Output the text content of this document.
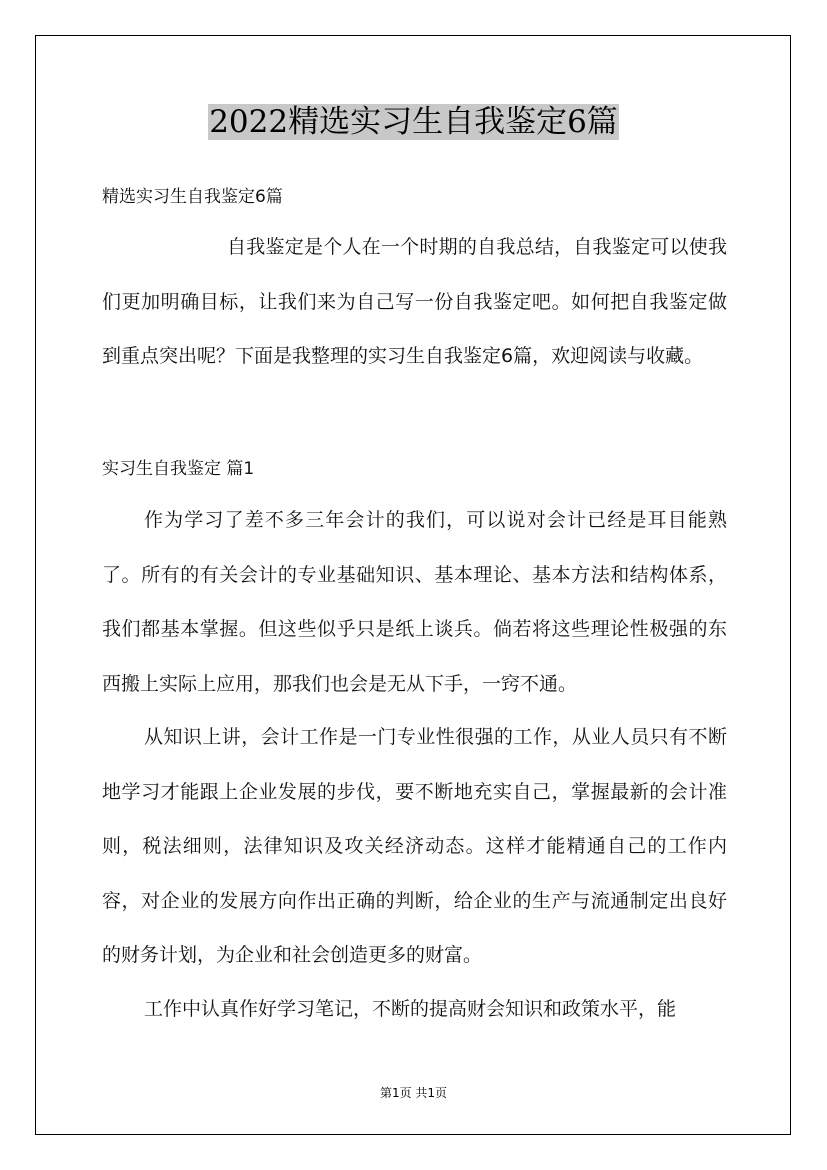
2022精选实习生自我鉴定6篇
精选实习生自我鉴定6篇

自我鉴定是个人在一个时期的自我总结，自我鉴定可以使我们更加明确目标，让我们来为自己写一份自我鉴定吧。如何把自我鉴定做到重点突出呢？下面是我整理的实习生自我鉴定6篇，欢迎阅读与收藏。

实习生自我鉴定 篇1

作为学习了差不多三年会计的我们，可以说对会计已经是耳目能熟了。所有的有关会计的专业基础知识、基本理论、基本方法和结构体系，我们都基本掌握。但这些似乎只是纸上谈兵。倘若将这些理论性极强的东西搬上实际上应用，那我们也会是无从下手，一窍不通。

从知识上讲，会计工作是一门专业性很强的工作，从业人员只有不断地学习才能跟上企业发展的步伐，要不断地充实自己，掌握最新的会计准则，税法细则，法律知识及攻关经济动态。这样才能精通自己的工作内容，对企业的发展方向作出正确的判断，给企业的生产与流通制定出良好的财务计划，为企业和社会创造更多的财富。

工作中认真作好学习笔记，不断的提高财会知识和政策水平，能

第1页 共1页
